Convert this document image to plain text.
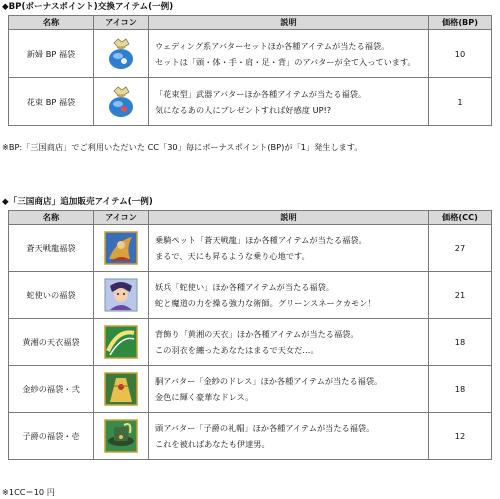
◆BP(ボーナスポイント)交換アイテム(一例)
名称	アイコン	説明	価格(BP)
新婦 BP 福袋		ウェディング系アバターセットほか各種アイテムが当たる福袋。
セットは「頭・体・手・肩・足・背」のアバターが全て入っています。	10
花束 BP 福袋		「花束型」武器アバターほか各種アイテムが当たる福袋。
気になるあの人にプレゼントすれば好感度 UP!?	1
※BP:「三国商店」でご利用いただいた CC「30」毎にボーナスポイント(BP)が「1」発生します。
◆「三国商店」追加販売アイテム(一例)
名称	アイコン	説明	価格(CC)
蒼天戦龍福袋		乗騎ペット「蒼天戦龍」ほか各種アイテムが当たる福袋。
まるで、天にも昇るような乗り心地です。	27
蛇使いの福袋		妖兵「蛇使い」ほか各種アイテムが当たる福袋。
蛇と魔道の力を操る強力な術師。グリーンスネークカモン！	21
黄湘の天衣福袋		背飾り「黄湘の天衣」ほか各種アイテムが当たる福袋。
この羽衣を纏ったあなたはまるで天女だ…。	18
金紗の福袋・弐		胴アバター「金紗のドレス」ほか各種アイテムが当たる福袋。
金色に輝く豪華なドレス。	18
子爵の福袋・壱		頭アバター「子爵の礼帽」ほか各種アイテムが当たる福袋。
これを被ればあなたも伊達男。	12
※1CC＝10 円
